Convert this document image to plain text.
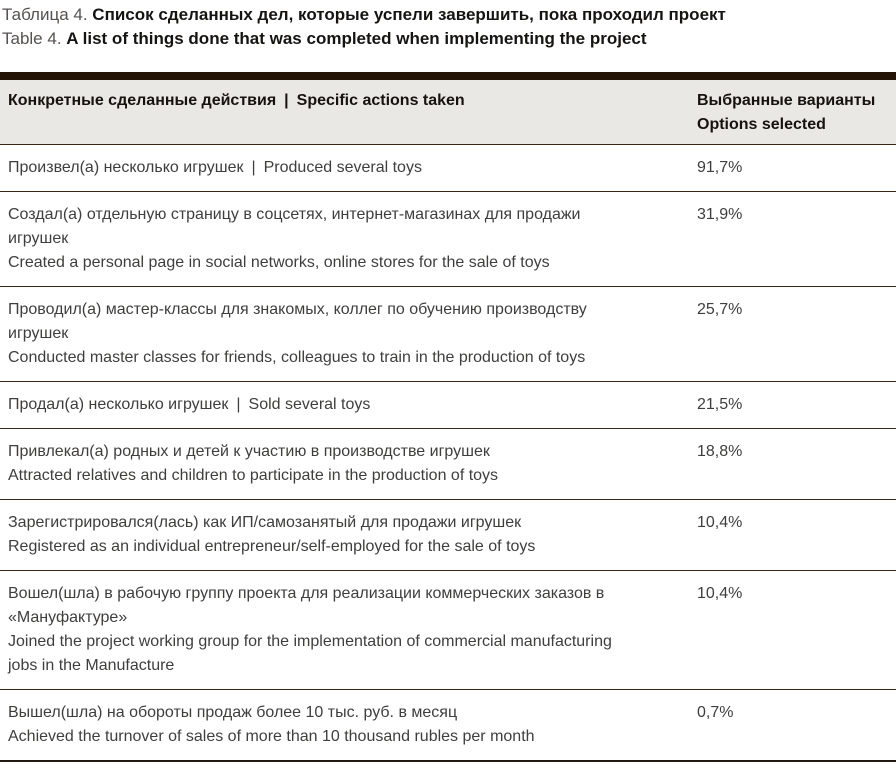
Таблица 4. Список сделанных дел, которые успели завершить, пока проходил проект
Table 4. A list of things done that was completed when implementing the project
Конкретные сделанные действия | Specific actions taken	Выбранные варианты
Options selected

Произвел(а) несколько игрушек | Produced several toys	91,7%

Создал(а) отдельную страницу в соцсетях, интернет-магазинах для продажи игрушек
Created a personal page in social networks, online stores for the sale of toys	31,9%

Проводил(а) мастер-классы для знакомых, коллег по обучению производству игрушек
Conducted master classes for friends, colleagues to train in the production of toys	25,7%

Продал(а) несколько игрушек | Sold several toys	21,5%

Привлекал(а) родных и детей к участию в производстве игрушек
Attracted relatives and children to participate in the production of toys	18,8%

Зарегистрировался(лась) как ИП/самозанятый для продажи игрушек
Registered as an individual entrepreneur/self-employed for the sale of toys	10,4%

Вошел(шла) в рабочую группу проекта для реализации коммерческих заказов в «Мануфактуре»
Joined the project working group for the implementation of commercial manufacturing jobs in the Manufacture	10,4%

Вышел(шла) на обороты продаж более 10 тыс. руб. в месяц
Achieved the turnover of sales of more than 10 thousand rubles per month	0,7%
